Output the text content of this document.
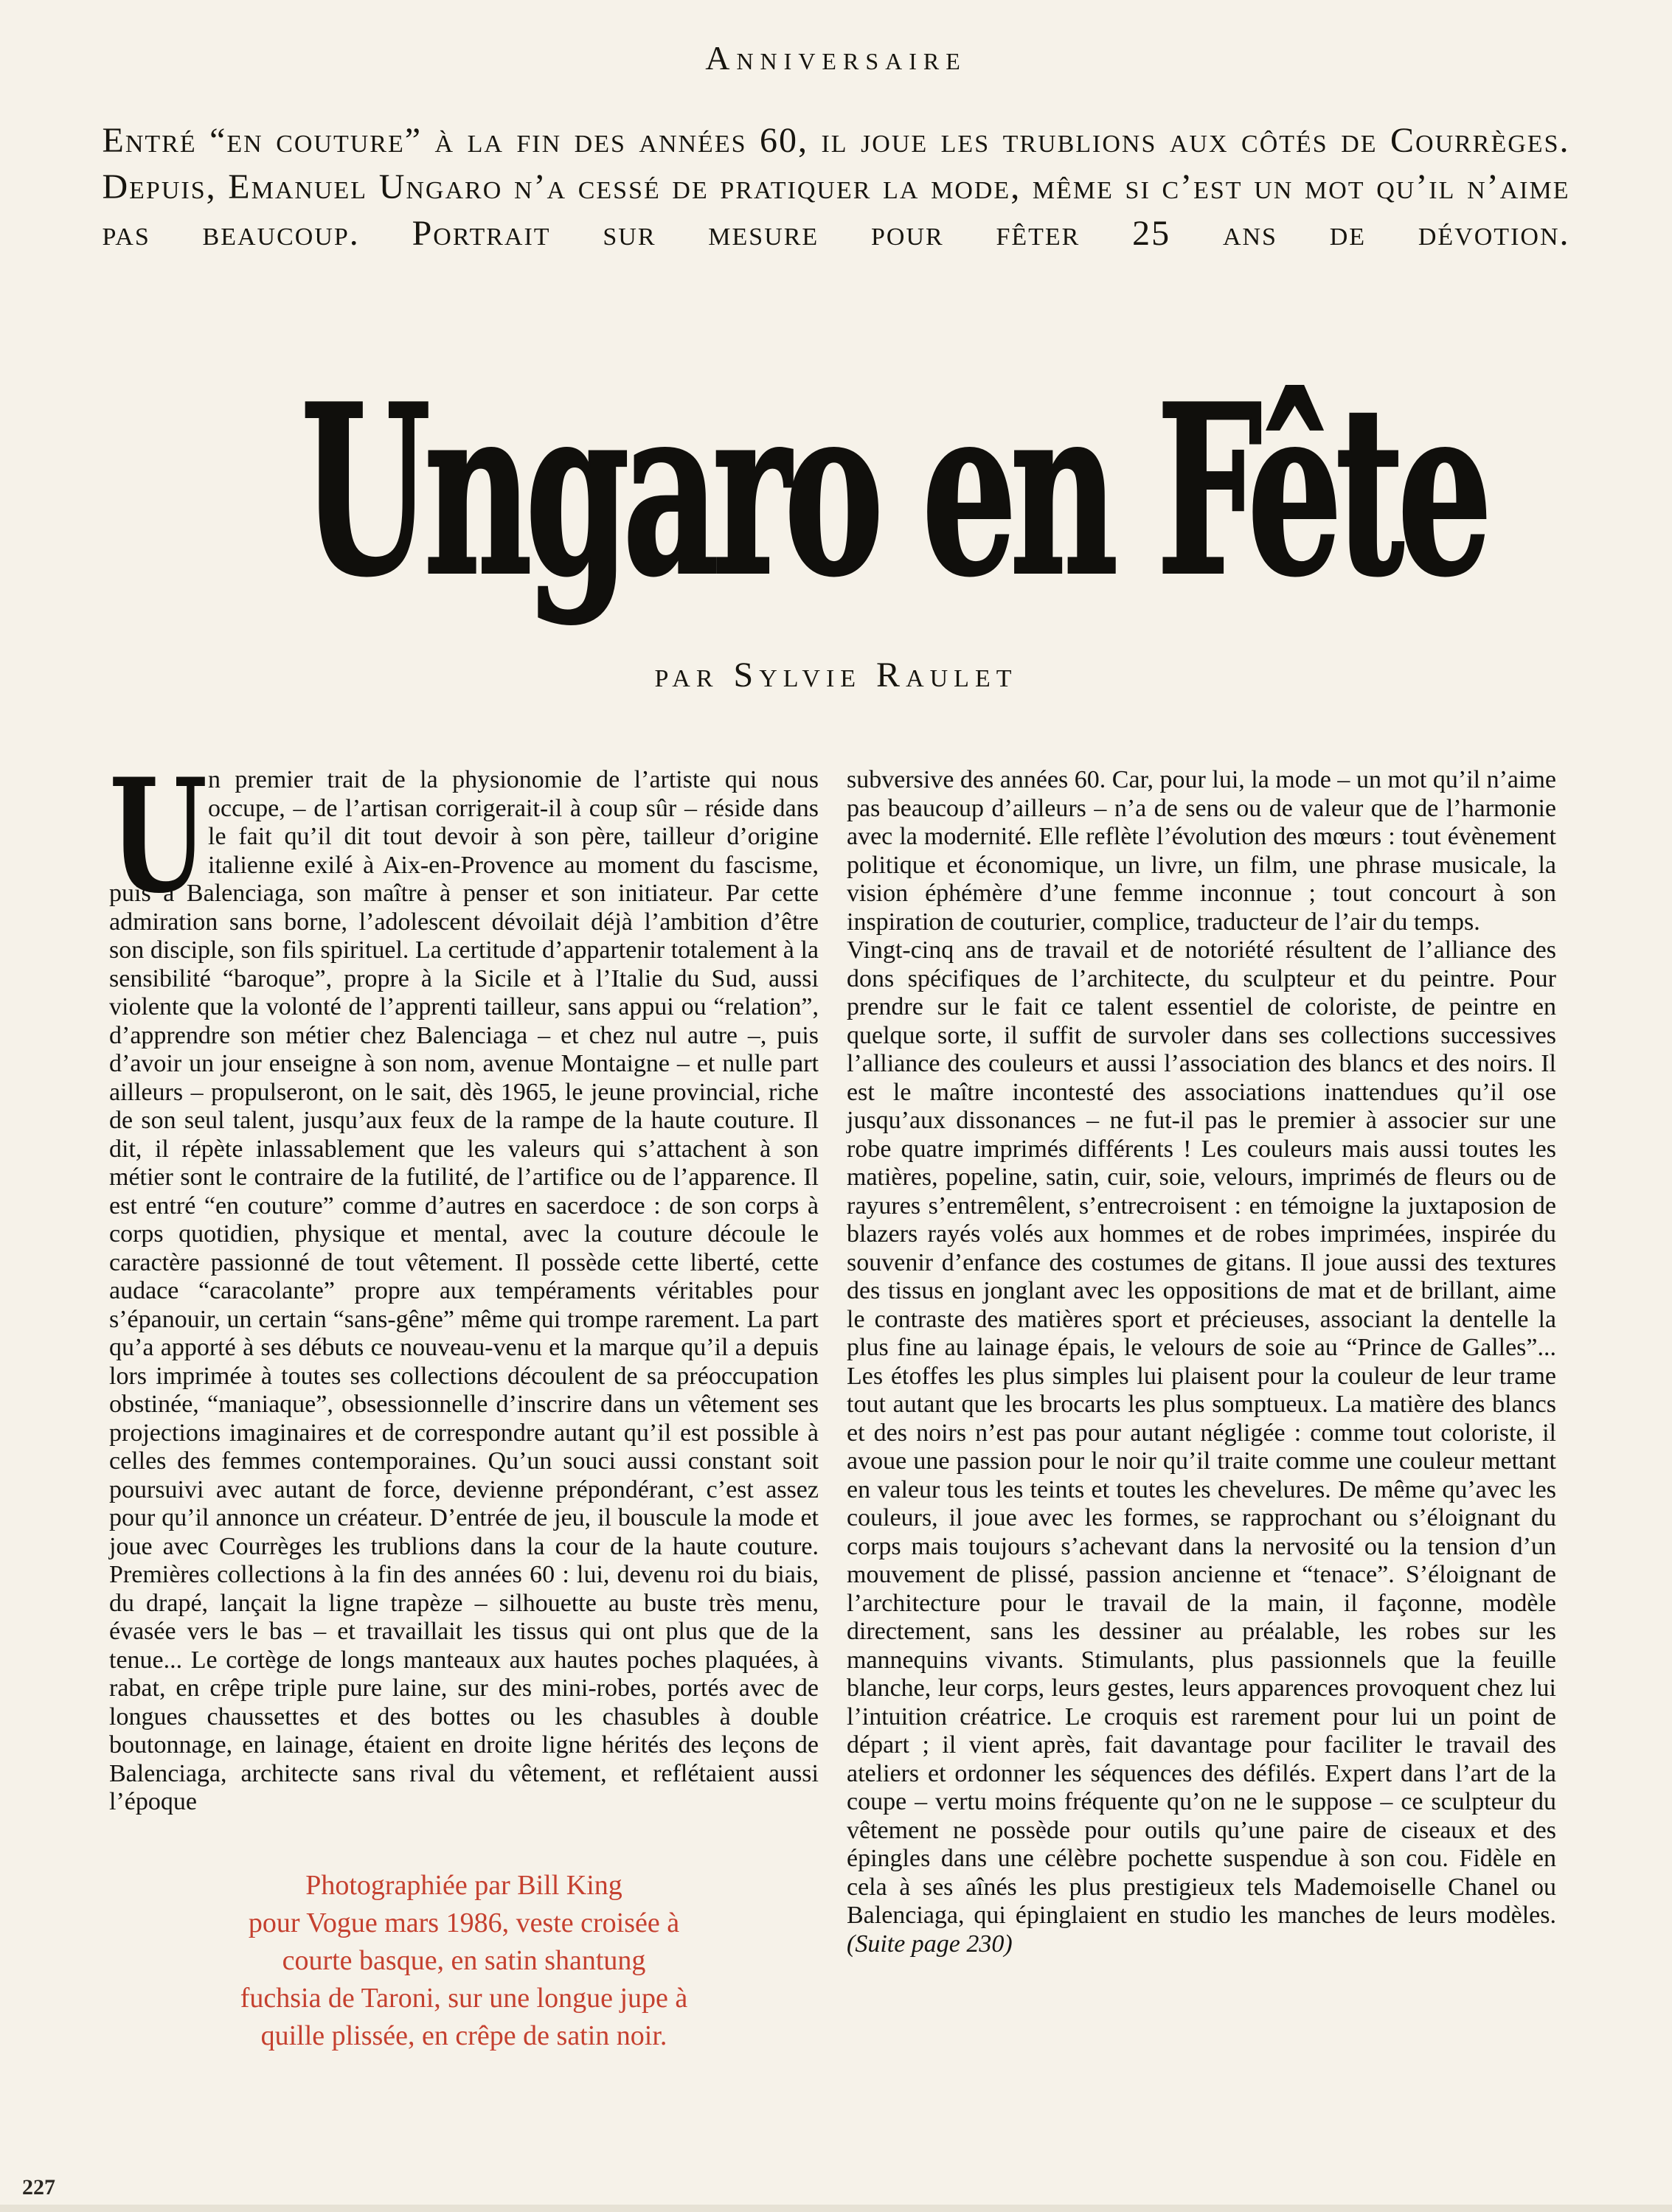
Anniversaire
Entré “en couture” à la fin des années 60, il joue les trublions aux côtés de Courrèges. Depuis, Emanuel Ungaro n’a cessé de pratiquer la mode, même si c’est un mot qu’il n’aime pas beaucoup. Portrait sur mesure pour fêter 25 ans de dévotion.
Ungaro en Fête
par Sylvie Raulet

Un premier trait de la physionomie de l’artiste qui nous occupe, – de l’artisan corrigerait-il à coup sûr – réside dans le fait qu’il dit tout devoir à son père, tailleur d’origine italienne exilé à Aix-en-Provence au moment du fascisme, puis à Balenciaga, son maître à penser et son initiateur. Par cette admiration sans borne, l’adolescent dévoilait déjà l’ambition d’être son disciple, son fils spirituel. La certitude d’appartenir totalement à la sensibilité “baroque”, propre à la Sicile et à l’Italie du Sud, aussi violente que la volonté de l’apprenti tailleur, sans appui ou “relation”, d’apprendre son métier chez Balenciaga – et chez nul autre –, puis d’avoir un jour enseigne à son nom, avenue Montaigne – et nulle part ailleurs – propulseront, on le sait, dès 1965, le jeune provincial, riche de son seul talent, jusqu’aux feux de la rampe de la haute couture. Il dit, il répète inlassablement que les valeurs qui s’attachent à son métier sont le contraire de la futilité, de l’artifice ou de l’apparence. Il est entré “en couture” comme d’autres en sacerdoce : de son corps à corps quotidien, physique et mental, avec la couture découle le caractère passionné de tout vêtement. Il possède cette liberté, cette audace “caracolante” propre aux tempéraments véritables pour s’épanouir, un certain “sans-gêne” même qui trompe rarement. La part qu’a apporté à ses débuts ce nouveau-venu et la marque qu’il a depuis lors imprimée à toutes ses collections découlent de sa préoccupation obstinée, “maniaque”, obsessionnelle d’inscrire dans un vêtement ses projections imaginaires et de correspondre autant qu’il est possible à celles des femmes contemporaines. Qu’un souci aussi constant soit poursuivi avec autant de force, devienne prépondérant, c’est assez pour qu’il annonce un créateur. D’entrée de jeu, il bouscule la mode et joue avec Courrèges les trublions dans la cour de la haute couture. Premières collections à la fin des années 60 : lui, devenu roi du biais, du drapé, lançait la ligne trapèze – silhouette au buste très menu, évasée vers le bas – et travaillait les tissus qui ont plus que de la tenue... Le cortège de longs manteaux aux hautes poches plaquées, à rabat, en crêpe triple pure laine, sur des mini-robes, portés avec de longues chaussettes et des bottes ou les chasubles à double boutonnage, en lainage, étaient en droite ligne hérités des leçons de Balenciaga, architecte sans rival du vêtement, et reflétaient aussi l’époque

Photographiée par Bill King
pour Vogue mars 1986, veste croisée à
courte basque, en satin shantung
fuchsia de Taroni, sur une longue jupe à
quille plissée, en crêpe de satin noir.

subversive des années 60. Car, pour lui, la mode – un mot qu’il n’aime pas beaucoup d’ailleurs – n’a de sens ou de valeur que de l’harmonie avec la modernité. Elle reflète l’évolution des mœurs : tout évènement politique et économique, un livre, un film, une phrase musicale, la vision éphémère d’une femme inconnue ; tout concourt à son inspiration de couturier, complice, traducteur de l’air du temps.

Vingt-cinq ans de travail et de notoriété résultent de l’alliance des dons spécifiques de l’architecte, du sculpteur et du peintre. Pour prendre sur le fait ce talent essentiel de coloriste, de peintre en quelque sorte, il suffit de survoler dans ses collections successives l’alliance des couleurs et aussi l’association des blancs et des noirs. Il est le maître incontesté des associations inattendues qu’il ose jusqu’aux dissonances – ne fut-il pas le premier à associer sur une robe quatre imprimés différents ! Les couleurs mais aussi toutes les matières, popeline, satin, cuir, soie, velours, imprimés de fleurs ou de rayures s’entremêlent, s’entrecroisent : en témoigne la juxtaposion de blazers rayés volés aux hommes et de robes imprimées, inspirée du souvenir d’enfance des costumes de gitans. Il joue aussi des textures des tissus en jonglant avec les oppositions de mat et de brillant, aime le contraste des matières sport et précieuses, associant la dentelle la plus fine au lainage épais, le velours de soie au “Prince de Galles”... Les étoffes les plus simples lui plaisent pour la couleur de leur trame tout autant que les brocarts les plus somptueux. La matière des blancs et des noirs n’est pas pour autant négligée : comme tout coloriste, il avoue une passion pour le noir qu’il traite comme une couleur mettant en valeur tous les teints et toutes les chevelures. De même qu’avec les couleurs, il joue avec les formes, se rapprochant ou s’éloignant du corps mais toujours s’achevant dans la nervosité ou la tension d’un mouvement de plissé, passion ancienne et “tenace”. S’éloignant de l’architecture pour le travail de la main, il façonne, modèle directement, sans les dessiner au préalable, les robes sur les mannequins vivants. Stimulants, plus passionnels que la feuille blanche, leur corps, leurs gestes, leurs apparences provoquent chez lui l’intuition créatrice. Le croquis est rarement pour lui un point de départ ; il vient après, fait davantage pour faciliter le travail des ateliers et ordonner les séquences des défilés. Expert dans l’art de la coupe – vertu moins fréquente qu’on ne le suppose – ce sculpteur du vêtement ne possède pour outils qu’une paire de ciseaux et des épingles dans une célèbre pochette suspendue à son cou. Fidèle en cela à ses aînés les plus prestigieux tels Mademoiselle Chanel ou Balenciaga, qui épinglaient en studio les manches de leurs modèles. (Suite page 230)

227
